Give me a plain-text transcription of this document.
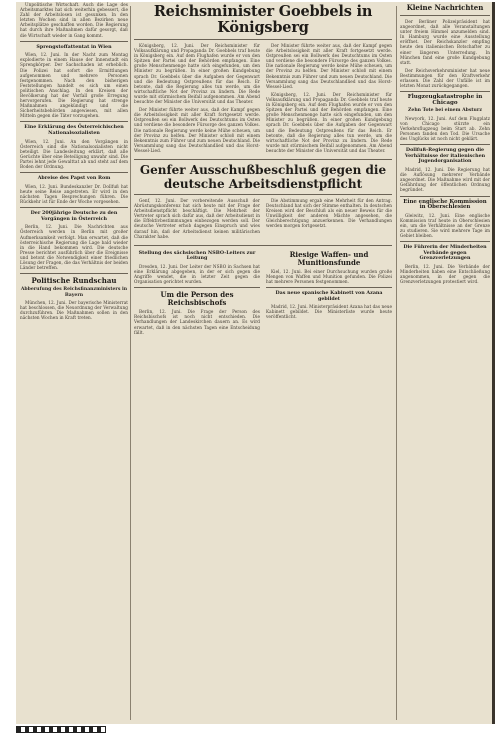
Unpolitische Wirtschaft. Auch die Lage des Arbeitsmarktes hat sich weiterhin gebessert, die Zahl der Arbeitslosen ist gesunken. In den letzten Wochen sind in allen Bezirken neue Arbeitsplätze geschaffen worden. Die Regierung hat durch ihre Maßnahmen dafür gesorgt, daß die Wirtschaft wieder in Gang kommt.

Sprengstoffattentat in Wien

Wien, 12. Juni. In der Nacht zum Montag explodierte in einem Hause der Innenstadt ein Sprengkörper. Der Sachschaden ist erheblich. Die Polizei hat sofort die Ermittlungen aufgenommen und mehrere Personen festgenommen. Nach den bisherigen Feststellungen handelt es sich um einen politischen Anschlag. In den Kreisen der Bevölkerung hat der Vorfall große Erregung hervorgerufen. Die Regierung hat strenge Maßnahmen angekündigt und die Sicherheitsbehörden angewiesen, mit allen Mitteln gegen die Täter vorzugehen.

Eine Erklärung des Österreichischen Nationalsozialisten

Wien, 12. Juni. An den Vorgängen in Österreich sind die Nationalsozialisten nicht beteiligt. Die Landesleitung erklärt, daß alle Gerüchte über eine Beteiligung unwahr sind. Die Partei lehnt jede Gewalttat ab und steht auf dem Boden der Ordnung.

Abreise des Papst von Rom

Wien, 12. Juni. Bundeskanzler Dr. Dollfuß hat heute seine Reise angetreten. Er wird in den nächsten Tagen Besprechungen führen. Die Rückkehr ist für Ende der Woche vorgesehen.

Der 200jährige Deutsche zu den Vorgängen in Österreich

Berlin, 12. Juni. Die Nachrichten aus Österreich werden in Berlin mit großer Aufmerksamkeit verfolgt. Man erwartet, daß die österreichische Regierung die Lage bald wieder in die Hand bekommen wird. Die deutsche Presse berichtet ausführlich über die Ereignisse und betont die Notwendigkeit einer friedlichen Lösung der Fragen, die das Verhältnis der beiden Länder betreffen.

Politische Rundschau
Abberufung des Reichsfinanzministers in Bayern

München, 12. Juni. Der bayerische Ministerrat hat beschlossen, die Neuordnung der Verwaltung durchzuführen. Die Maßnahmen sollen in den nächsten Wochen in Kraft treten.

Reichsminister Goebbels in Königsberg

Königsberg, 12. Juni. Der Reichsminister für Volksaufklärung und Propaganda Dr. Goebbels traf heute in Königsberg ein. Auf dem Flughafen wurde er von den Spitzen der Partei und der Behörden empfangen. Eine große Menschenmenge hatte sich eingefunden, um den Minister zu begrüßen. In einer großen Kundgebung sprach Dr. Goebbels über die Aufgaben der Gegenwart und die Bedeutung Ostpreußens für das Reich. Er betonte, daß die Regierung alles tun werde, um die wirtschaftliche Not der Provinz zu lindern. Die Rede wurde mit stürmischem Beifall aufgenommen. Am Abend besuchte der Minister die Universität und das Theater.

Der Minister führte weiter aus, daß der Kampf gegen die Arbeitslosigkeit mit aller Kraft fortgesetzt werde. Ostpreußen sei ein Bollwerk des Deutschtums im Osten und verdiene die besondere Fürsorge des ganzen Volkes. Die nationale Regierung werde keine Mühe scheuen, um der Provinz zu helfen. Der Minister schloß mit einem Bekenntnis zum Führer und zum neuen Deutschland. Die Versammlung sang das Deutschlandlied und das Horst-Wessel-Lied.

Der Minister führte weiter aus, daß der Kampf gegen die Arbeitslosigkeit mit aller Kraft fortgesetzt werde. Ostpreußen sei ein Bollwerk des Deutschtums im Osten und verdiene die besondere Fürsorge des ganzen Volkes. Die nationale Regierung werde keine Mühe scheuen, um der Provinz zu helfen. Der Minister schloß mit einem Bekenntnis zum Führer und zum neuen Deutschland. Die Versammlung sang das Deutschlandlied und das Horst-Wessel-Lied.

Königsberg, 12. Juni. Der Reichsminister für Volksaufklärung und Propaganda Dr. Goebbels traf heute in Königsberg ein. Auf dem Flughafen wurde er von den Spitzen der Partei und der Behörden empfangen. Eine große Menschenmenge hatte sich eingefunden, um den Minister zu begrüßen. In einer großen Kundgebung sprach Dr. Goebbels über die Aufgaben der Gegenwart und die Bedeutung Ostpreußens für das Reich. Er betonte, daß die Regierung alles tun werde, um die wirtschaftliche Not der Provinz zu lindern. Die Rede wurde mit stürmischem Beifall aufgenommen. Am Abend besuchte der Minister die Universität und das Theater.

Genfer Ausschußbeschluß gegen die deutsche Arbeitsdienstpflicht

Genf, 12. Juni. Der vorbereitende Ausschuß der Abrüstungskonferenz hat sich heute mit der Frage der Arbeitsdienstpflicht beschäftigt. Die Mehrheit der Vertreter sprach sich dafür aus, daß der Arbeitsdienst in die Effektivbestimmungen einbezogen werden soll. Der deutsche Vertreter erhob dagegen Einspruch und wies darauf hin, daß der Arbeitsdienst keinen militärischen Charakter habe.

Die Abstimmung ergab eine Mehrheit für den Antrag. Deutschland hat sich der Stimme enthalten. In deutschen Kreisen wird der Beschluß als ein neuer Beweis für die Unwilligkeit der anderen Mächte angesehen, die Gleichberechtigung anzuerkennen. Die Verhandlungen werden morgen fortgesetzt.

Stellung des sächsischen NSBO-Leiters zur Leitung

Dresden, 12. Juni. Der Leiter der NSBO in Sachsen hat eine Erklärung abgegeben, in der er sich gegen die Angriffe wendet, die in letzter Zeit gegen die Organisation gerichtet wurden.

Um die Person des Reichsbischofs

Berlin, 12. Juni. Die Frage der Person des Reichsbischofs ist noch nicht entschieden. Die Verhandlungen der Landeskirchen dauern an. Es wird erwartet, daß in den nächsten Tagen eine Entscheidung fällt.

Riesige Waffen- und Munitionsfunde

Kiel, 12. Juni. Bei einer Durchsuchung wurden große Mengen von Waffen und Munition gefunden. Die Polizei hat mehrere Personen festgenommen.

Das neue spanische Kabinett von Azana gebildet

Madrid, 12. Juni. Ministerpräsident Azana hat das neue Kabinett gebildet. Die Ministerliste wurde heute veröffentlicht.

Kleine Nachrichten

Der Berliner Polizeipräsident hat angeordnet, daß alle Veranstaltungen unter freiem Himmel anzumelden sind. In Hamburg wurde eine Ausstellung eröffnet. Der Reichskanzler empfing heute den italienischen Botschafter zu einer längeren Unterredung. In München fand eine große Kundgebung statt.

Der Reichsverkehrsminister hat neue Bestimmungen für den Kraftverkehr erlassen. Die Zahl der Unfälle ist im letzten Monat zurückgegangen.

Flugzeugkatastrophe in Chicago
Zehn Tote bei einem Absturz

Newyork, 12. Juni. Auf dem Flugplatz von Chicago stürzte ein Verkehrsflugzeug beim Start ab. Zehn Personen fanden den Tod. Die Ursache des Unglücks ist noch nicht geklärt.

Dollfuß-Regierung gegen die Verhältnisse der italienischen Jugendorganisation

Madrid, 12. Juni. Die Regierung hat die Auflösung mehrerer Verbände angeordnet. Die Maßnahme wird mit der Gefährdung der öffentlichen Ordnung begründet.

Eine englische Kommission in Oberschlesien

Gleiwitz, 12. Juni. Eine englische Kommission traf heute in Oberschlesien ein, um die Verhältnisse an der Grenze zu studieren. Sie wird mehrere Tage im Gebiet bleiben.

Die Führerin der Minderheiten Verbände gegen Grenzverletzungen

Berlin, 12. Juni. Die Verbände der Minderheiten haben eine Entschließung angenommen, in der gegen die Grenzverletzungen protestiert wird.
